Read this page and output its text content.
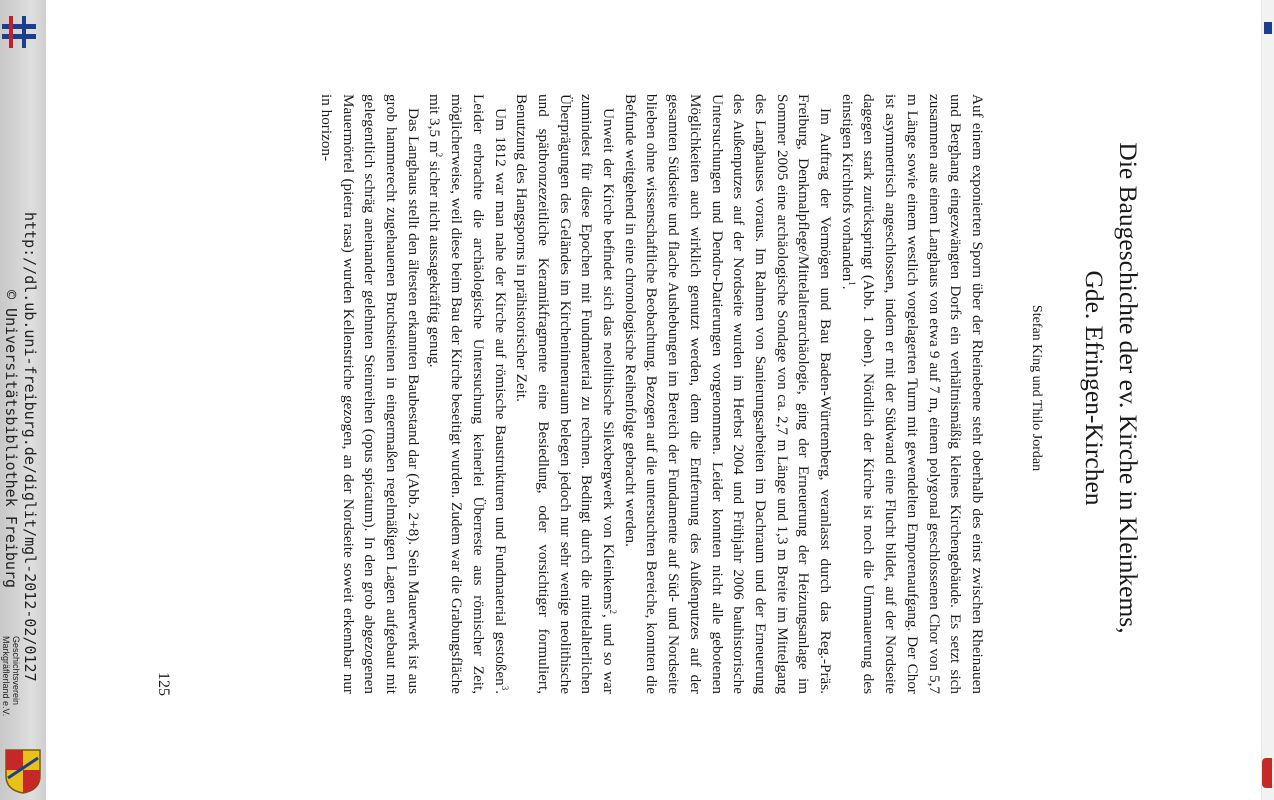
http://dl.ub.uni-freiburg.de/diglit/mgl-2012-02/0127
© Universitätsbibliothek Freiburg
Geschichtsverein
Markgräflerland e.V.
Die Baugeschichte der ev. Kirche in Kleinkems,
Gde. Efringen-Kirchen
Stefan King und Thilo Jordan

Auf einem exponierten Sporn über der Rheinebene steht oberhalb des einst zwischen Rheinauen und Berghang eingezwängten Dorfs ein verhältnismäßig kleines Kirchengebäude. Es setzt sich zusammen aus einem Langhaus von etwa 9 auf 7 m, einem polygonal geschlossenen Chor von 5,7 m Länge sowie einem westlich vorgelagerten Turm mit gewendelten Emporenaufgang. Der Chor ist asymmetrisch angeschlossen, indem er mit der Südwand eine Flucht bildet, auf der Nordseite dagegen stark zurückspringt (Abb. 1 oben). Nördlich der Kirche ist noch die Ummauerung des einstigen Kirchhofs vorhanden$^1$.

Im Auftrag der Vermögen und Bau Baden-Württemberg, veranlasst durch das Reg.-Präs. Freiburg, Denkmalpflege/Mittelalterarchäologie, ging der Erneuerung der Heizungsanlage im Sommer 2005 eine archäologische Sondage von ca. 2,7 m Länge und 1,3 m Breite im Mittelgang des Langhauses voraus. Im Rahmen von Sanierungsarbeiten im Dachraum und der Erneuerung des Außenputzes auf der Nordseite wurden im Herbst 2004 und Frühjahr 2006 bauhistorische Untersuchungen und Dendro-Datierungen vorgenommen. Leider konnten nicht alle gebotenen Möglichkeiten auch wirklich genutzt werden, denn die Entfernung des Außenputzes auf der gesamten Südseite und flache Aushebungen im Bereich der Fundamente auf Süd- und Nordseite blieben ohne wissenschaftliche Beobachtung. Bezogen auf die untersuchten Bereiche, konnten die Befunde weitgehend in eine chronologische Reihenfolge gebracht werden.

Unweit der Kirche befindet sich das neolithische Silexbergwerk von Kleinkems$^2$, und so war zumindest für diese Epochen mit Fundmaterial zu rechnen. Bedingt durch die mittelalterlichen Überprägungen des Geländes im Kircheninnenraum belegen jedoch nur sehr wenige neolithische und spätbronzezeitliche Keramikfragmente eine Besiedlung, oder vorsichtiger formuliert, Benutzung des Hangsporns in prähistorischer Zeit.

Um 1812 war man nahe der Kirche auf römische Baustrukturen und Fundmaterial gestoßen$^3$. Leider erbrachte die archäologische Untersuchung keinerlei Überreste aus römischer Zeit, möglicherweise, weil diese beim Bau der Kirche beseitigt wurden. Zudem war die Grabungsfläche mit 3,5 $m^2$ sicher nicht aussagekräftig genug.

Das Langhaus stellt den ältesten erkannten Baubestand dar (Abb. 2+8). Sein Mauerwerk ist aus grob hammerecht zugehauenen Bruchsteinen in eingermaßen regelmäßigen Lagen aufgebaut mit gelegentlich schräg aneinander gelehnten Steinreihen (opus spicatum). In den grob abgezogenen Mauermörtel (pietra rasa) wurden Kellenstriche gezogen, an der Nordseite soweit erkennbar nur in horizon-

125
